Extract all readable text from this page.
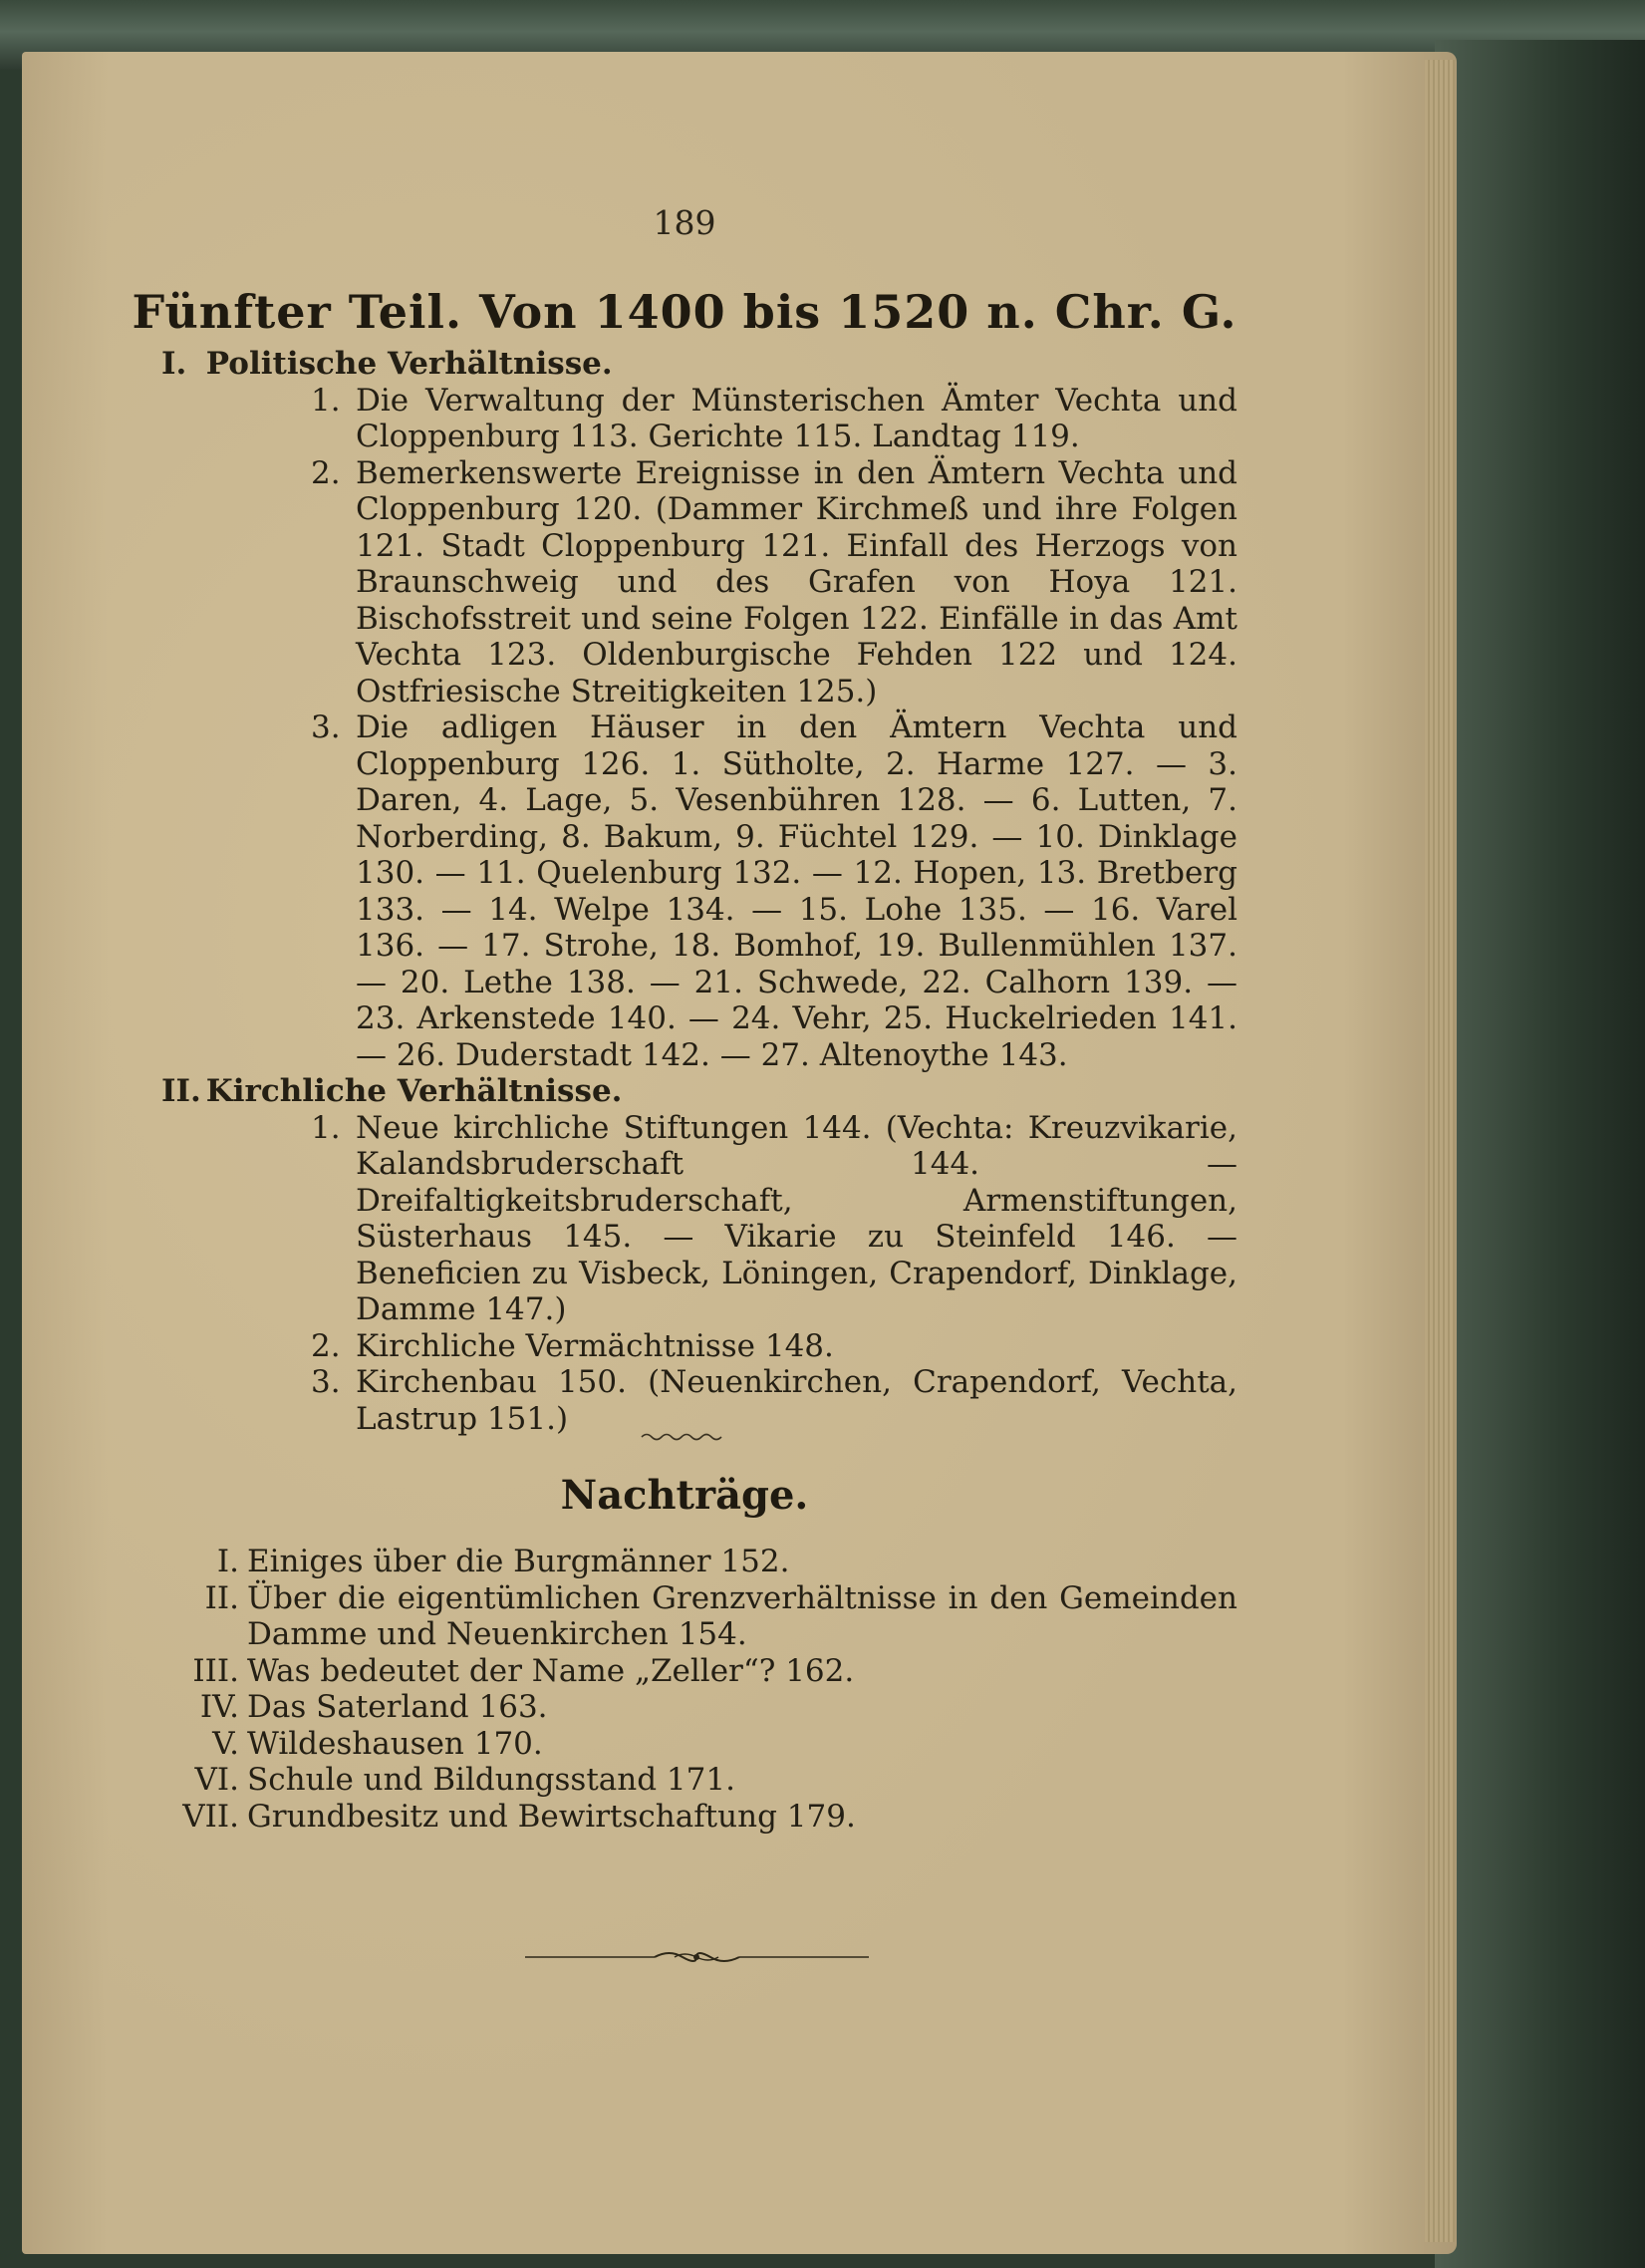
189
Fünfter Teil. Von 1400 bis 1520 n. Chr. G.
I. Politische Verhältnisse.
1. Die Verwaltung der Münsterischen Ämter Vechta und Cloppenburg 113. Gerichte 115. Landtag 119.
2. Bemerkenswerte Ereignisse in den Ämtern Vechta und Cloppenburg 120. (Dammer Kirchmeß und ihre Folgen 121. Stadt Cloppenburg 121. Einfall des Herzogs von Braunschweig und des Grafen von Hoya 121. Bischofsstreit und seine Folgen 122. Einfälle in das Amt Vechta 123. Oldenburgische Fehden 122 und 124. Ostfriesische Streitigkeiten 125.)
3. Die adligen Häuser in den Ämtern Vechta und Cloppenburg 126. 1. Sütholte, 2. Harme 127. — 3. Daren, 4. Lage, 5. Vesenbühren 128. — 6. Lutten, 7. Norberding, 8. Bakum, 9. Füchtel 129. — 10. Dinklage 130. — 11. Quelenburg 132. — 12. Hopen, 13. Bretberg 133. — 14. Welpe 134. — 15. Lohe 135. — 16. Varel 136. — 17. Strohe, 18. Bomhof, 19. Bullenmühlen 137. — 20. Lethe 138. — 21. Schwede, 22. Calhorn 139. — 23. Arkenstede 140. — 24. Vehr, 25. Huckelrieden 141. — 26. Duderstadt 142. — 27. Altenoythe 143.
II. Kirchliche Verhältnisse.
1. Neue kirchliche Stiftungen 144. (Vechta: Kreuzvikarie, Kalandsbruderschaft 144. — Dreifaltigkeitsbruderschaft, Armenstiftungen, Süsterhaus 145. — Vikarie zu Steinfeld 146. — Beneficien zu Visbeck, Löningen, Crapendorf, Dinklage, Damme 147.)
2. Kirchliche Vermächtnisse 148.
3. Kirchenbau 150. (Neuenkirchen, Crapendorf, Vechta, Lastrup 151.)
Nachträge.
I. Einiges über die Burgmänner 152.
II. Über die eigentümlichen Grenzverhältnisse in den Gemeinden Damme und Neuenkirchen 154.
III. Was bedeutet der Name „Zeller“? 162.
IV. Das Saterland 163.
V. Wildeshausen 170.
VI. Schule und Bildungsstand 171.
VII. Grundbesitz und Bewirtschaftung 179.
